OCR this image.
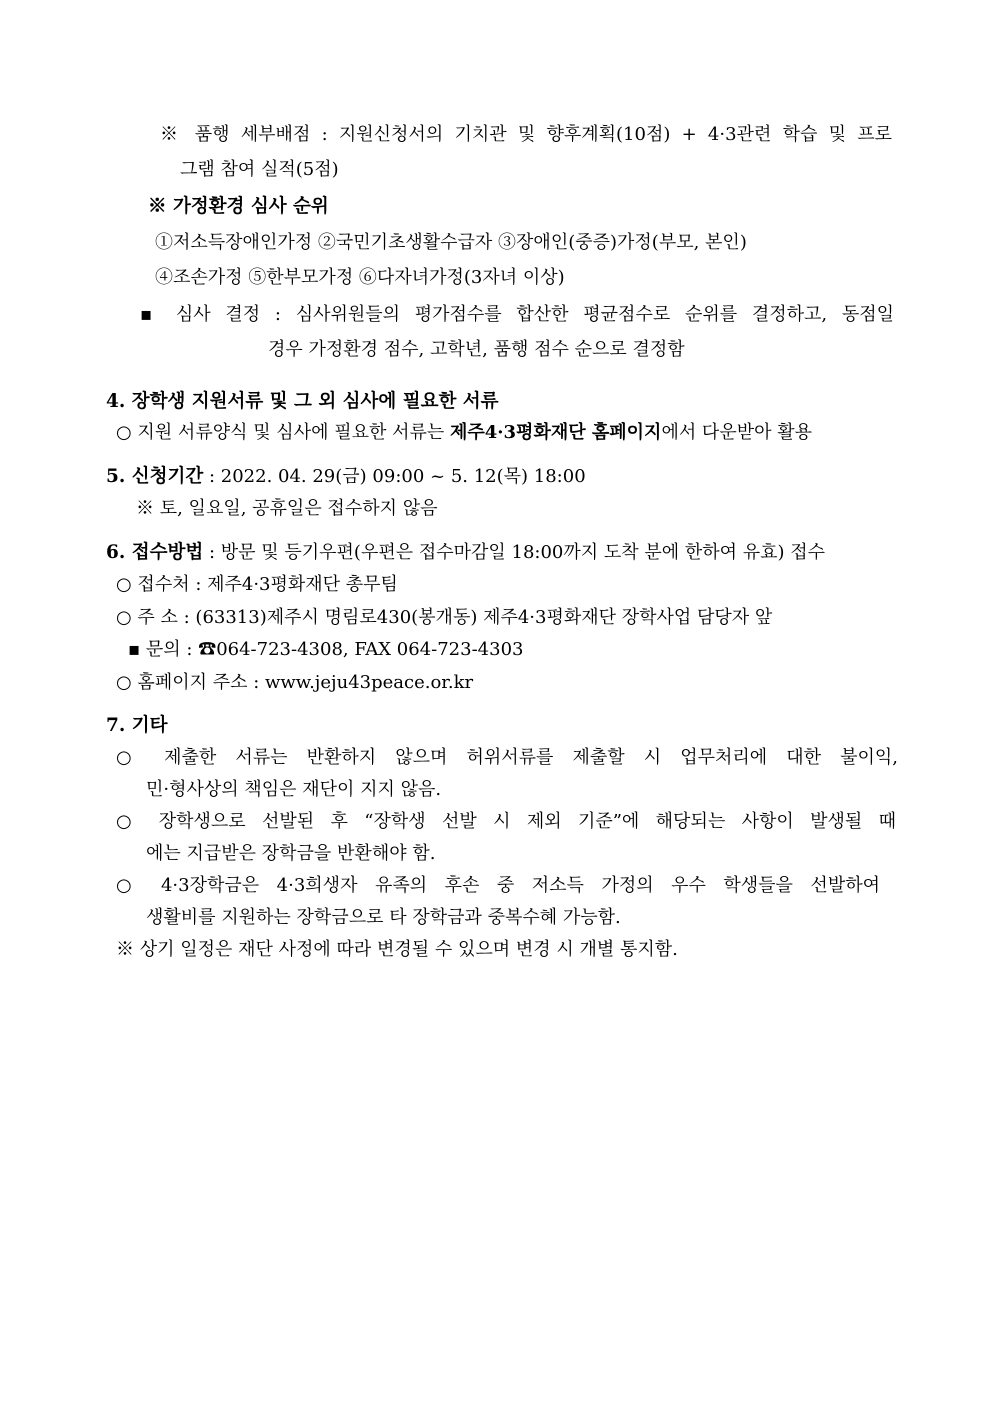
※ 품행 세부배점 : 지원신청서의 기치관 및 향후계획(10점) + 4·3관련 학습 및 프로
그램 참여 실적(5점)
※ 가정환경 심사 순위
①저소득장애인가정 ②국민기초생활수급자 ③장애인(중증)가정(부모, 본인)
④조손가정 ⑤한부모가정 ⑥다자녀가정(3자녀 이상)
▪ 심사 결정 : 심사위원들의 평가점수를 합산한 평균점수로 순위를 결정하고, 동점일
경우 가정환경 점수, 고학년, 품행 점수 순으로 결정함
4. 장학생 지원서류 및 그 외 심사에 필요한 서류
○ 지원 서류양식 및 심사에 필요한 서류는 제주4·3평화재단 홈페이지에서 다운받아 활용
5. 신청기간 : 2022. 04. 29(금) 09:00 ~ 5. 12(목) 18:00
※ 토, 일요일, 공휴일은 접수하지 않음
6. 접수방법 : 방문 및 등기우편(우편은 접수마감일 18:00까지 도착 분에 한하여 유효) 접수
○ 접수처 : 제주4·3평화재단 총무팀
○ 주 소 : (63313)제주시 명림로430(봉개동) 제주4·3평화재단 장학사업 담당자 앞
▪ 문의 : ☎064-723-4308, FAX 064-723-4303
○ 홈페이지 주소 : www.jeju43peace.or.kr
7. 기타
○ 제출한 서류는 반환하지 않으며 허위서류를 제출할 시 업무처리에 대한 불이익,
민·형사상의 책임은 재단이 지지 않음.
○ 장학생으로 선발된 후 “장학생 선발 시 제외 기준”에 해당되는 사항이 발생될 때
에는 지급받은 장학금을 반환해야 함.
○ 4·3장학금은 4·3희생자 유족의 후손 중 저소득 가정의 우수 학생들을 선발하여
생활비를 지원하는 장학금으로 타 장학금과 중복수혜 가능함.
※ 상기 일정은 재단 사정에 따라 변경될 수 있으며 변경 시 개별 통지함.
